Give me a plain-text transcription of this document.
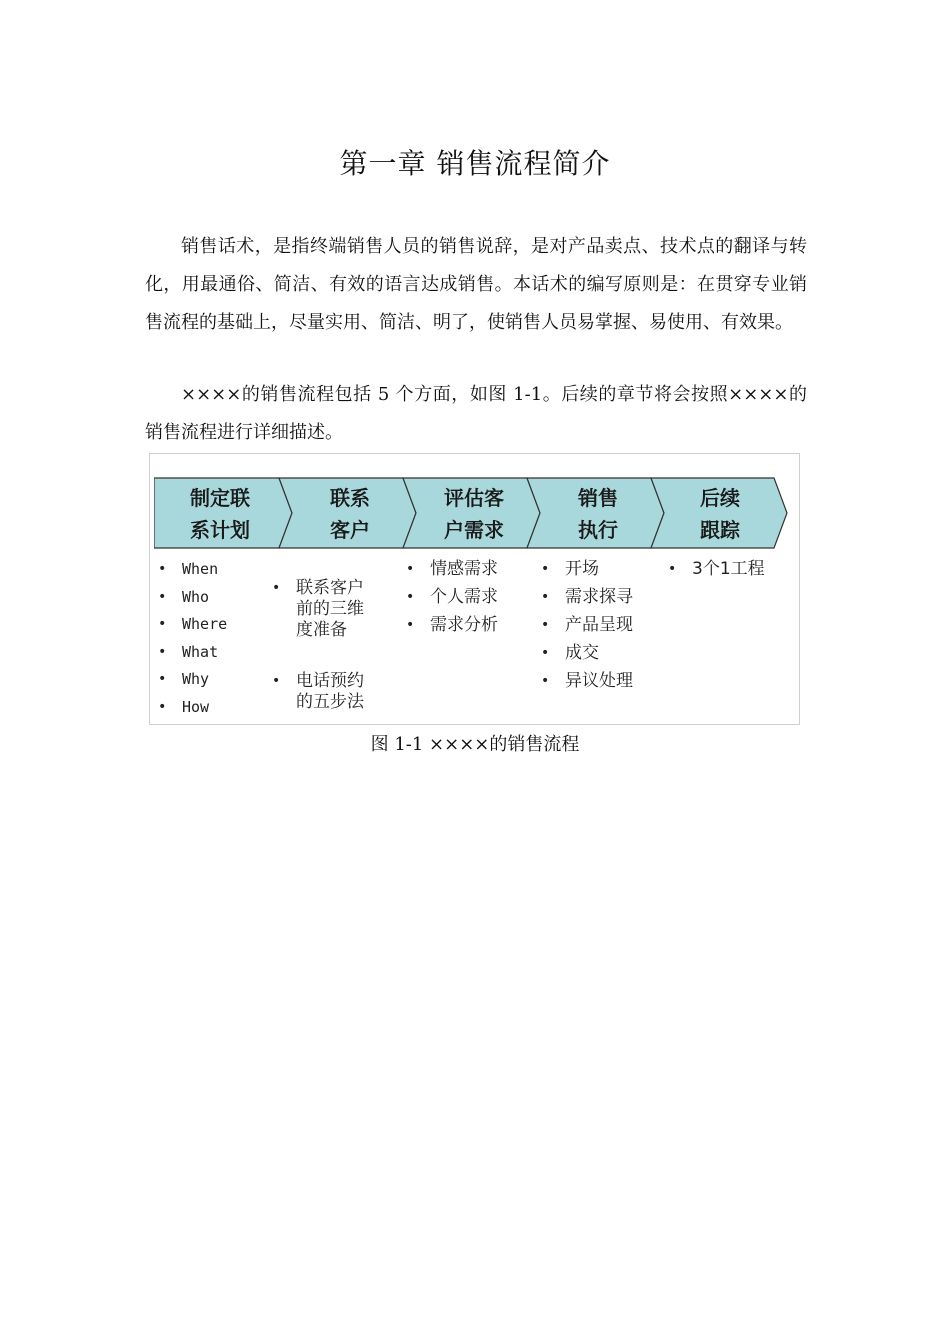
第一章 销售流程简介

销售话术，是指终端销售人员的销售说辞，是对产品卖点、技术点的翻译与转化，用最通俗、简洁、有效的语言达成销售。本话术的编写原则是：在贯穿专业销售流程的基础上，尽量实用、简洁、明了，使销售人员易掌握、易使用、有效果。

××××的销售流程包括 5 个方面，如图 1-1。后续的章节将会按照××××的销售流程进行详细描述。

制定联
系计划
联系
客户
评估客
户需求
销售
执行
后续
跟踪
• When
• Who
• Where
• What
• Why
• How

• 联系客户
前的三维
度准备

• 电话预约
的五步法

• 情感需求
• 个人需求
• 需求分析
• 开场
• 需求探寻
• 产品呈现
• 成交
• 异议处理
• 3个1工程

图 1-1 ××××的销售流程
